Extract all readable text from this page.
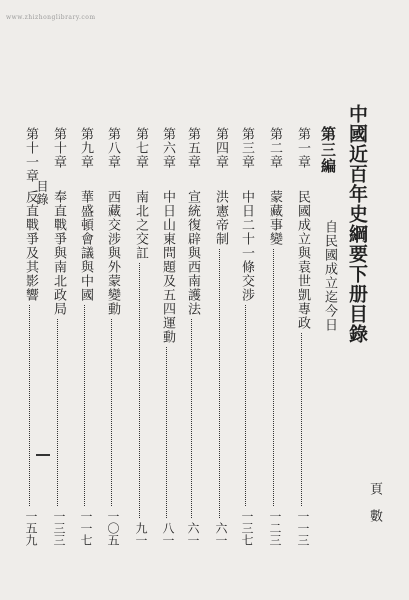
www.zhizhonglibrary.com
中國近百年史綱要下册目錄
頁數
第三編
自民國成立迄今日
第一章
民國成立與袁世凱專政
一一三
第二章
蒙藏事變
一二三
第三章
中日二十一條交涉
一三七
第四章
洪憲帝制
六一
第五章
宣統復辟與西南護法
六一
第六章
中日山東問題及五四運動
八一
第七章
南北之交訌
九一
第八章
西藏交涉與外蒙變動
一〇五
第九章
華盛頓會議與中國
一一七
第十章
奉直戰爭與南北政局
一三三
第十一章
反直戰爭及其影響
一五九
目錄
